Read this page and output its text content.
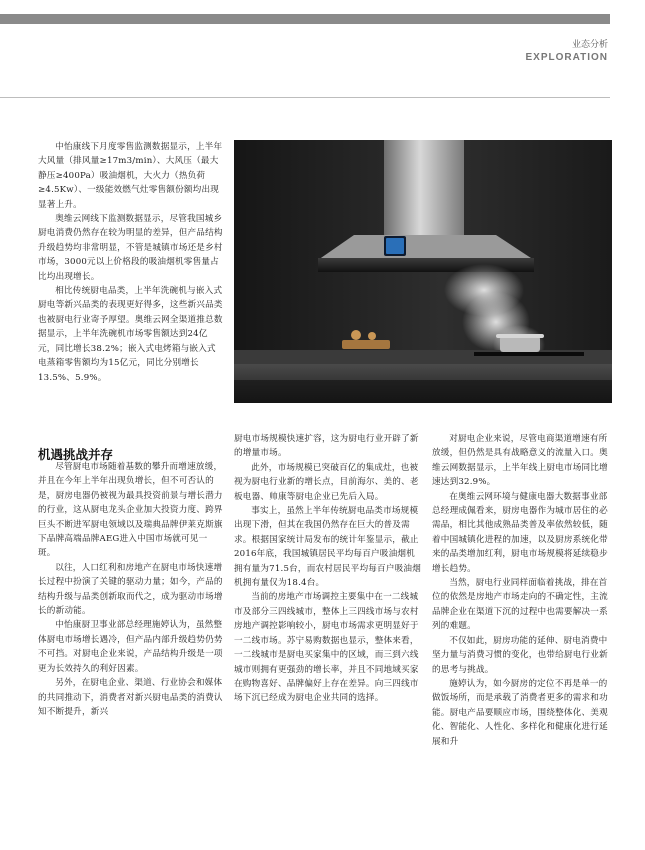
业态分析
EXPLORATION

中怡康线下月度零售监测数据显示，上半年大风量（排风量≥17m3/min）、大风压（最大静压≥400Pa）吸油烟机，大火力（热负荷≥4.5Kw）、一级能效燃气灶零售额份额均出现显著上升。

奥维云网线下监测数据显示，尽管我国城乡厨电消费仍然存在较为明显的差异，但产品结构升级趋势均非常明显，不管是城镇市场还是乡村市场，3000元以上价格段的吸油烟机零售量占比均出现增长。

相比传统厨电品类，上半年洗碗机与嵌入式厨电等新兴品类的表现更好得多，这些新兴品类也被厨电行业寄予厚望。奥维云网全渠道推总数据显示，上半年洗碗机市场零售额达到24亿元，同比增长38.2%；嵌入式电烤箱与嵌入式电蒸箱零售额均为15亿元，同比分别增长13.5%、5.9%。

机遇挑战并存

尽管厨电市场随着基数的攀升而增速放缓，并且在今年上半年出现负增长，但不可否认的是，厨房电器仍被视为最具投资前景与增长潜力的行业，这从厨电龙头企业加大投资力度、跨界巨头不断进军厨电领域以及瑞典品牌伊莱克斯旗下品牌高端品牌AEG进入中国市场就可见一斑。

以往，人口红利和房地产在厨电市场快速增长过程中扮演了关键的驱动力量；如今，产品的结构升级与品类创新取而代之，成为驱动市场增长的新动能。

中怡康厨卫事业部总经理施婷认为，虽然整体厨电市场增长遇冷，但产品内部升级趋势仍势不可挡。对厨电企业来说，产品结构升级是一项更为长效持久的利好因素。

另外，在厨电企业、渠道、行业协会和媒体的共同推动下，消费者对新兴厨电品类的消费认知不断提升，新兴

厨电市场规模快速扩容，这为厨电行业开辟了新的增量市场。

此外，市场规模已突破百亿的集成灶，也被视为厨电行业新的增长点，目前海尔、美的、老板电器、帅康等厨电企业已先后入局。

事实上，虽然上半年传统厨电品类市场规模出现下滑，但其在我国仍然存在巨大的普及需求。根据国家统计局发布的统计年鉴显示，截止2016年底，我国城镇居民平均每百户吸油烟机拥有量为71.5台，而农村居民平均每百户吸油烟机拥有量仅为18.4台。

当前的房地产市场调控主要集中在一二线城市及部分三四线城市，整体上三四线市场与农村房地产调控影响较小，厨电市场需求更明显好于一二线市场。苏宁易购数据也显示，整体来看，一二线城市是厨电买家集中的区域，而三到六线城市则拥有更强劲的增长率，并且不同地域买家在购物喜好、品牌偏好上存在差异。向三四线市场下沉已经成为厨电企业共同的选择。

对厨电企业来说，尽管电商渠道增速有所放缓，但仍然是具有战略意义的流量入口。奥维云网数据显示，上半年线上厨电市场同比增速达到32.9%。

在奥维云网环境与健康电器大数据事业部总经理成佩看来，厨房电器作为城市居住的必需品，相比其他成熟品类普及率依然较低，随着中国城镇化进程的加速，以及厨房系统化带来的品类增加红利，厨电市场规模将延续稳步增长趋势。

当然，厨电行业同样面临着挑战，排在首位的依然是房地产市场走向的不确定性，主流品牌企业在渠道下沉的过程中也需要解决一系列的难题。

不仅如此，厨房功能的延伸、厨电消费中坚力量与消费习惯的变化，也带给厨电行业新的思考与挑战。

施婷认为，如今厨房的定位不再是单一的做饭场所，而是承载了消费者更多的需求和功能。厨电产品要顺应市场，围绕整体化、美观化、智能化、人性化、多样化和健康化进行延展和升
